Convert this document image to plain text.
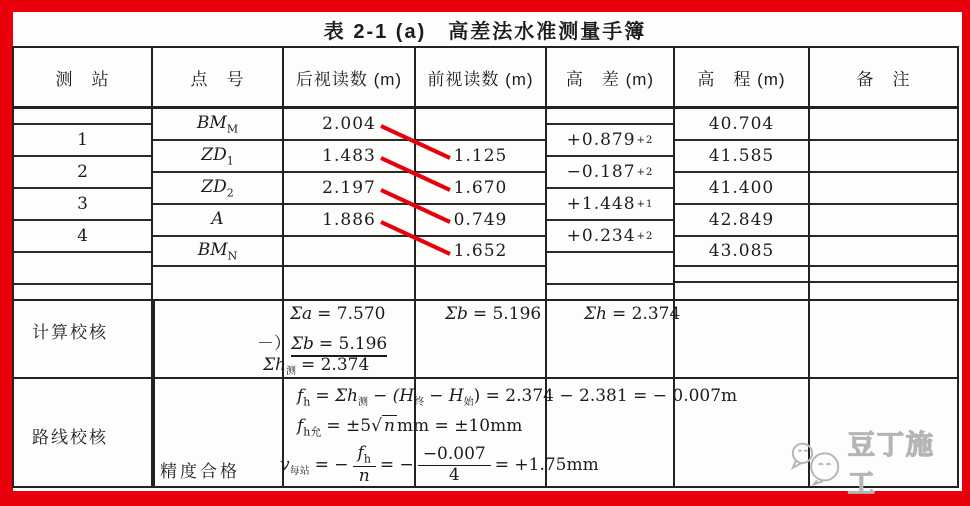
表 2-1 (a)　高差法水准测量手簿
测　站
1
2
3
4
点　号
$BM_M$
$ZD_1$
$ZD_2$
A
$BM_N$
后视读数 (m)
2.004
1.483
2.197
1.886
前视读数 (m)
1.125
1.670
0.749
1.652
高　差 (m)
+0.879 +2
−0.187 +2
+1.448 +1
+0.234 +2
高　程 (m)
40.704
41.585
41.400
42.849
43.085
备　注
计算校核
Σa = 7.570	Σb = 5.196	Σh = 2.374
－）Σb = 5.196
$\Sigma h_测 = 2.374$
路线校核
$f_h = \Sigma h_测 - (H_终 - H_始) = 2.374 - 2.381$ = − 0.007m
$f_{h允} = \pm 5√$ n mm = ±10mm
精度合格 $v_{每站}$ = − $\frac{f_h}{n}$ = − $\frac{-0.007}{4} = +1.75mm$
豆丁施工
